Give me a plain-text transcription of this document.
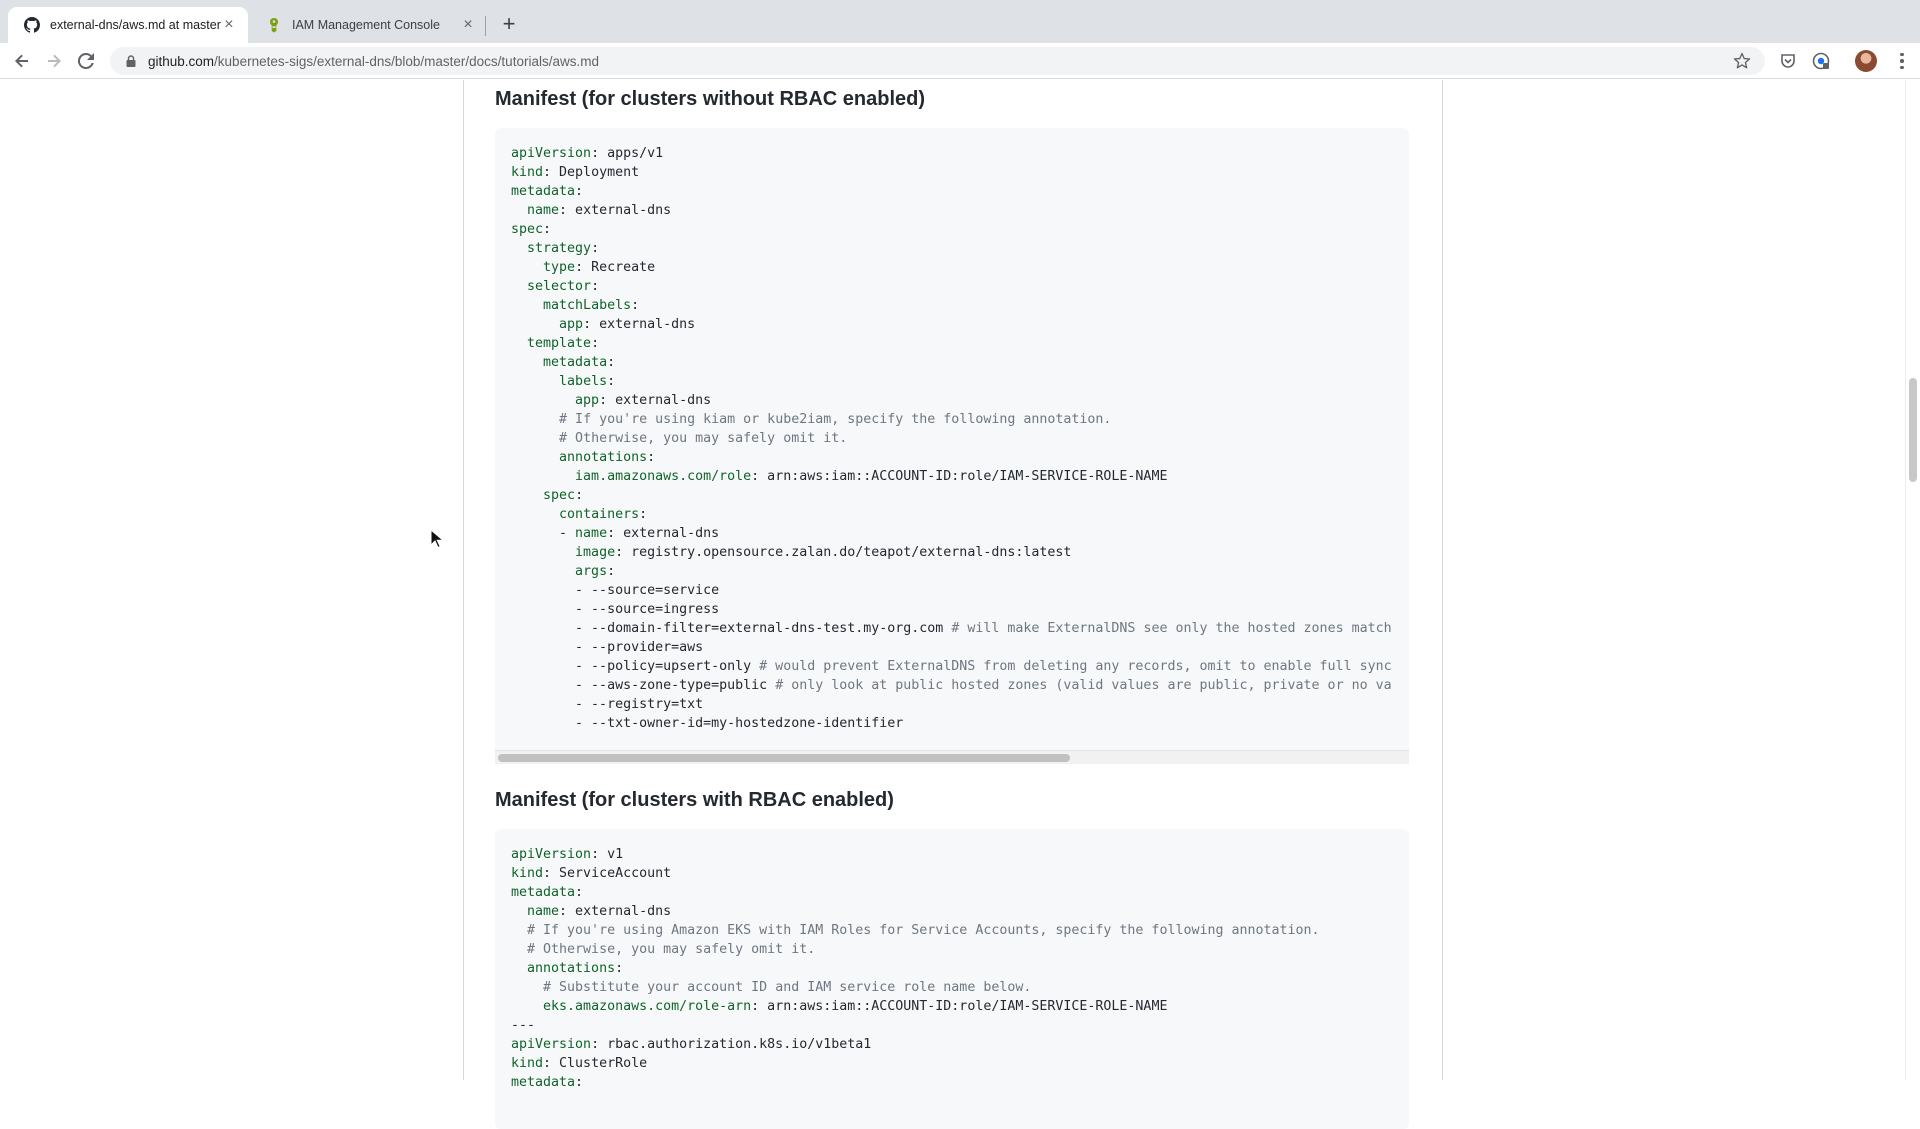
external-dns/aws.md at master ×	IAM Management Console	× +
github.com/kubernetes-sigs/external-dns/blob/master/docs/tutorials/aws.md
Manifest (for clusters without RBAC enabled)
apiVersion: apps/v1
kind: Deployment
metadata:
name: external-dns
spec:
strategy:
type: Recreate
selector:
matchLabels:
app: external-dns
template:
metadata:
labels:
app: external-dns
# If you're using kiam or kube2iam, specify the following annotation.
# Otherwise, you may safely omit it.
annotations:
iam.amazonaws.com/role: arn:aws:iam::ACCOUNT-ID:role/IAM-SERVICE-ROLE-NAME
spec:
containers:
- name: external-dns
image: registry.opensource.zalan.do/teapot/external-dns:latest
args:
- --source=service
- --source=ingress
- --domain-filter=external-dns-test.my-org.com # will make ExternalDNS see only the hosted zones match
- --provider=aws
- --policy=upsert-only # would prevent ExternalDNS from deleting any records, omit to enable full sync
- --aws-zone-type=public # only look at public hosted zones (valid values are public, private or no va
- --registry=txt
- --txt-owner-id=my-hostedzone-identifier
Manifest (for clusters with RBAC enabled)
apiVersion: v1
kind: ServiceAccount
metadata:
name: external-dns
# If you're using Amazon EKS with IAM Roles for Service Accounts, specify the following annotation.
# Otherwise, you may safely omit it.
annotations:
# Substitute your account ID and IAM service role name below.
eks.amazonaws.com/role-arn: arn:aws:iam::ACCOUNT-ID:role/IAM-SERVICE-ROLE-NAME
---
apiVersion: rbac.authorization.k8s.io/v1beta1
kind: ClusterRole
metadata:
